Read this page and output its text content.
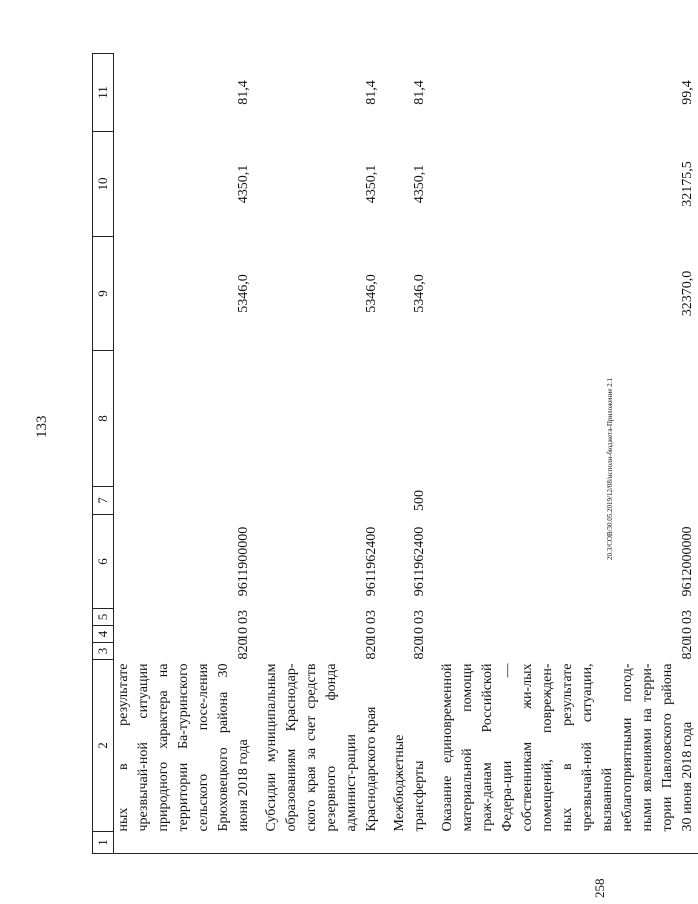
133	20.3/СОВ/30.05.2019/12/08/исполн-бюджета-Приложение 2.1
258
1	2	3	4	5	6	7	8	9	10	11
	ных в результате чрезвычай-ной ситуации природного характера на территории Ба-туринского сельского посе-ления Брюховецкого района 30 июня 2018 года	820	10	03	9611900000			5346,0	4350,1	81,4
	Субсидии муниципальным образованиям Краснодар-ского края за счет средств резервного фонда админист-рации Краснодарского края	820	10	03	9611962400			5346,0	4350,1	81,4
	Межбюджетные трансферты	820	10	03	9611962400	500		5346,0	4350,1	81,4
	Оказание единовременной материальной помощи граж-данам Российской Федера-ции — собственникам жи-лых помещений, поврежден-ных в результате чрезвычай-ной ситуации, вызванной неблагоприятными погод-ными явлениями на терри-тории Павловского района 30 июня 2018 года	820	10	03	9612000000			32370,0	32175,5	99,4
